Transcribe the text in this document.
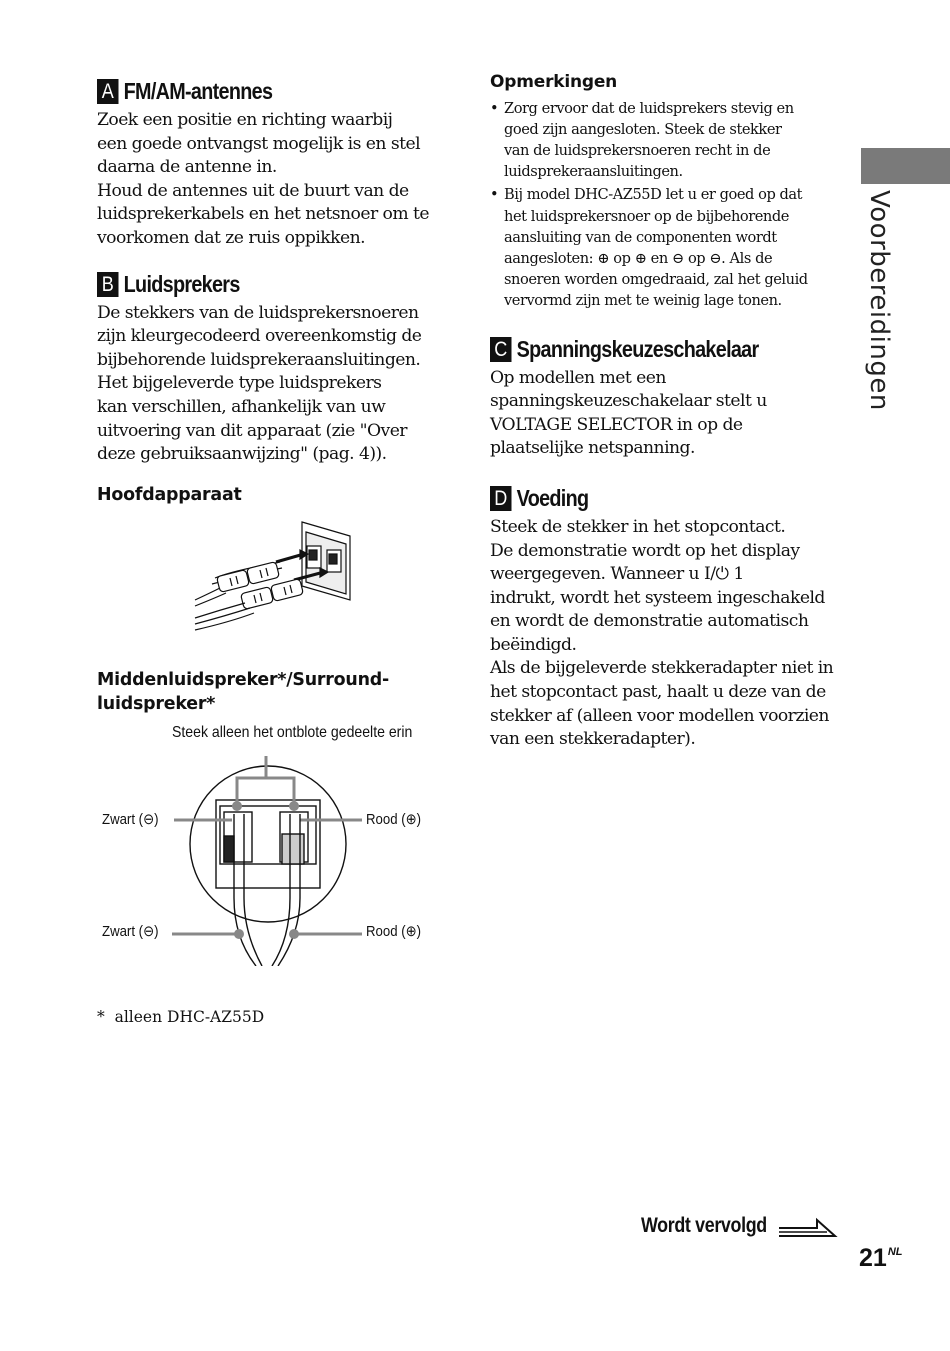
A FM/AM-antennes
Zoek een positie en richting waarbij
een goede ontvangst mogelijk is en stel
daarna de antenne in.
Houd de antennes uit de buurt van de
luidsprekerkabels en het netsnoer om te
voorkomen dat ze ruis oppikken.
B Luidsprekers
De stekkers van de luidsprekersnoeren
zijn kleurgecodeerd overeenkomstig de
bijbehorende luidsprekeraansluitingen.
Het bijgeleverde type luidsprekers
kan verschillen, afhankelijk van uw
uitvoering van dit apparaat (zie "Over
deze gebruiksaanwijzing" (pag. 4)).
Hoofdapparaat
Middenluidspreker*/Surround-
luidspreker*
Steek alleen het ontblote gedeelte erin
Zwart (⊖)	Rood (⊕)
Zwart (⊖)	Rood (⊕)
*  alleen DHC-AZ55D
Opmerkingen
• Zorg ervoor dat de luidsprekers stevig en
goed zijn aangesloten. Steek de stekker
van de luidsprekersnoeren recht in de
luidsprekeraansluitingen.
• Bij model DHC-AZ55D let u er goed op dat
het luidsprekersnoer op de bijbehorende
aansluiting van de componenten wordt
aangesloten: ⊕ op ⊕ en ⊖ op ⊖. Als de
snoeren worden omgedraaid, zal het geluid
vervormd zijn met te weinig lage tonen.
C Spanningskeuzeschakelaar
Op modellen met een
spanningskeuzeschakelaar stelt u
VOLTAGE SELECTOR in op de
plaatselijke netspanning.
D Voeding
Steek de stekker in het stopcontact.
De demonstratie wordt op het display
weergegeven. Wanneer u I/⏻ 1
indrukt, wordt het systeem ingeschakeld
en wordt de demonstratie automatisch
beëindigd.
Als de bijgeleverde stekkeradapter niet in
het stopcontact past, haalt u deze van de
stekker af (alleen voor modellen voorzien
van een stekkeradapter).
Voorbereidingen
Wordt vervolgd
$21^{NL}$
